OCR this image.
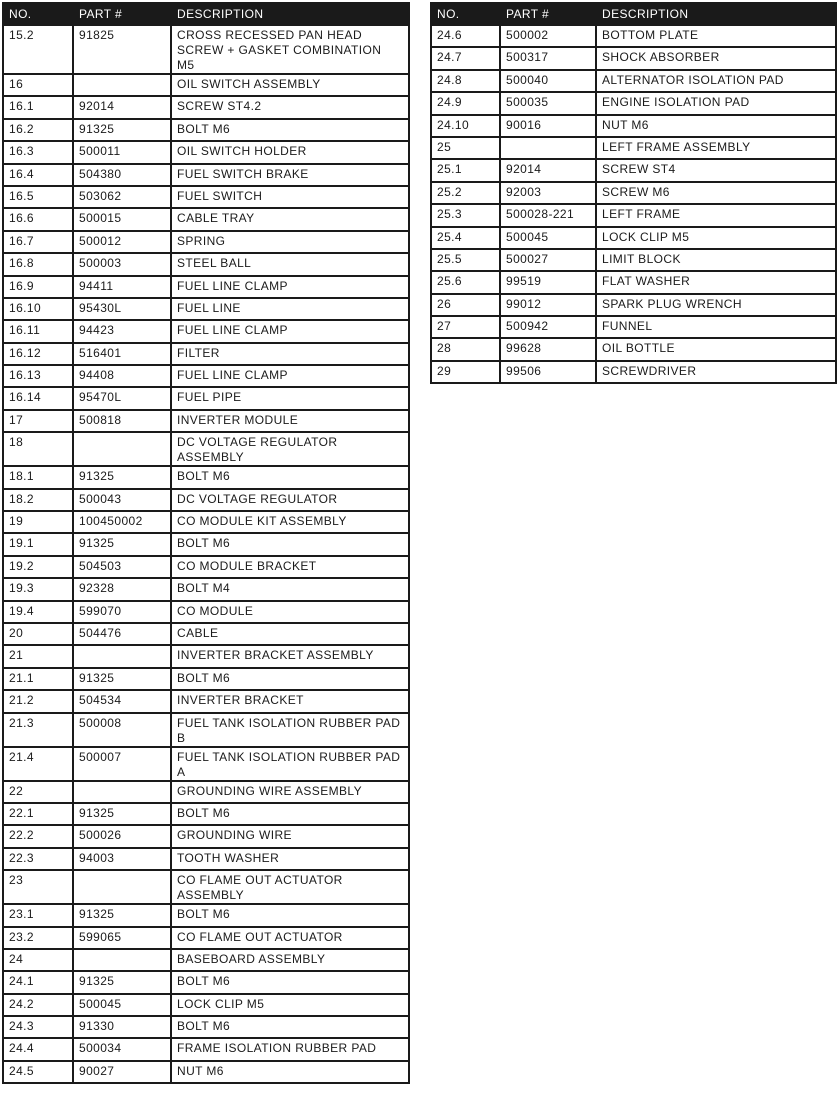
NO.	PART #	DESCRIPTION
15.2	91825	CROSS RECESSED PAN HEAD SCREW + GASKET COMBINATION M5
16		OIL SWITCH ASSEMBLY
16.1	92014	SCREW ST4.2
16.2	91325	BOLT M6
16.3	500011	OIL SWITCH HOLDER
16.4	504380	FUEL SWITCH BRAKE
16.5	503062	FUEL SWITCH
16.6	500015	CABLE TRAY
16.7	500012	SPRING
16.8	500003	STEEL BALL
16.9	94411	FUEL LINE CLAMP
16.10	95430L	FUEL LINE
16.11	94423	FUEL LINE CLAMP
16.12	516401	FILTER
16.13	94408	FUEL LINE CLAMP
16.14	95470L	FUEL PIPE
17	500818	INVERTER MODULE
18		DC VOLTAGE REGULATOR ASSEMBLY
18.1	91325	BOLT M6
18.2	500043	DC VOLTAGE REGULATOR
19	100450002	CO MODULE KIT ASSEMBLY
19.1	91325	BOLT M6
19.2	504503	CO MODULE BRACKET
19.3	92328	BOLT M4
19.4	599070	CO MODULE
20	504476	CABLE
21		INVERTER BRACKET ASSEMBLY
21.1	91325	BOLT M6
21.2	504534	INVERTER BRACKET
21.3	500008	FUEL TANK ISOLATION RUBBER PAD B
21.4	500007	FUEL TANK ISOLATION RUBBER PAD A
22		GROUNDING WIRE ASSEMBLY
22.1	91325	BOLT M6
22.2	500026	GROUNDING WIRE
22.3	94003	TOOTH WASHER
23		CO FLAME OUT ACTUATOR ASSEMBLY
23.1	91325	BOLT M6
23.2	599065	CO FLAME OUT ACTUATOR
24		BASEBOARD ASSEMBLY
24.1	91325	BOLT M6
24.2	500045	LOCK CLIP M5
24.3	91330	BOLT M6
24.4	500034	FRAME ISOLATION RUBBER PAD
24.5	90027	NUT M6
NO.	PART #	DESCRIPTION
24.6	500002	BOTTOM PLATE
24.7	500317	SHOCK ABSORBER
24.8	500040	ALTERNATOR ISOLATION PAD
24.9	500035	ENGINE ISOLATION PAD
24.10	90016	NUT M6
25		LEFT FRAME ASSEMBLY
25.1	92014	SCREW ST4
25.2	92003	SCREW M6
25.3	500028-221	LEFT FRAME
25.4	500045	LOCK CLIP M5
25.5	500027	LIMIT BLOCK
25.6	99519	FLAT WASHER
26	99012	SPARK PLUG WRENCH
27	500942	FUNNEL
28	99628	OIL BOTTLE
29	99506	SCREWDRIVER
